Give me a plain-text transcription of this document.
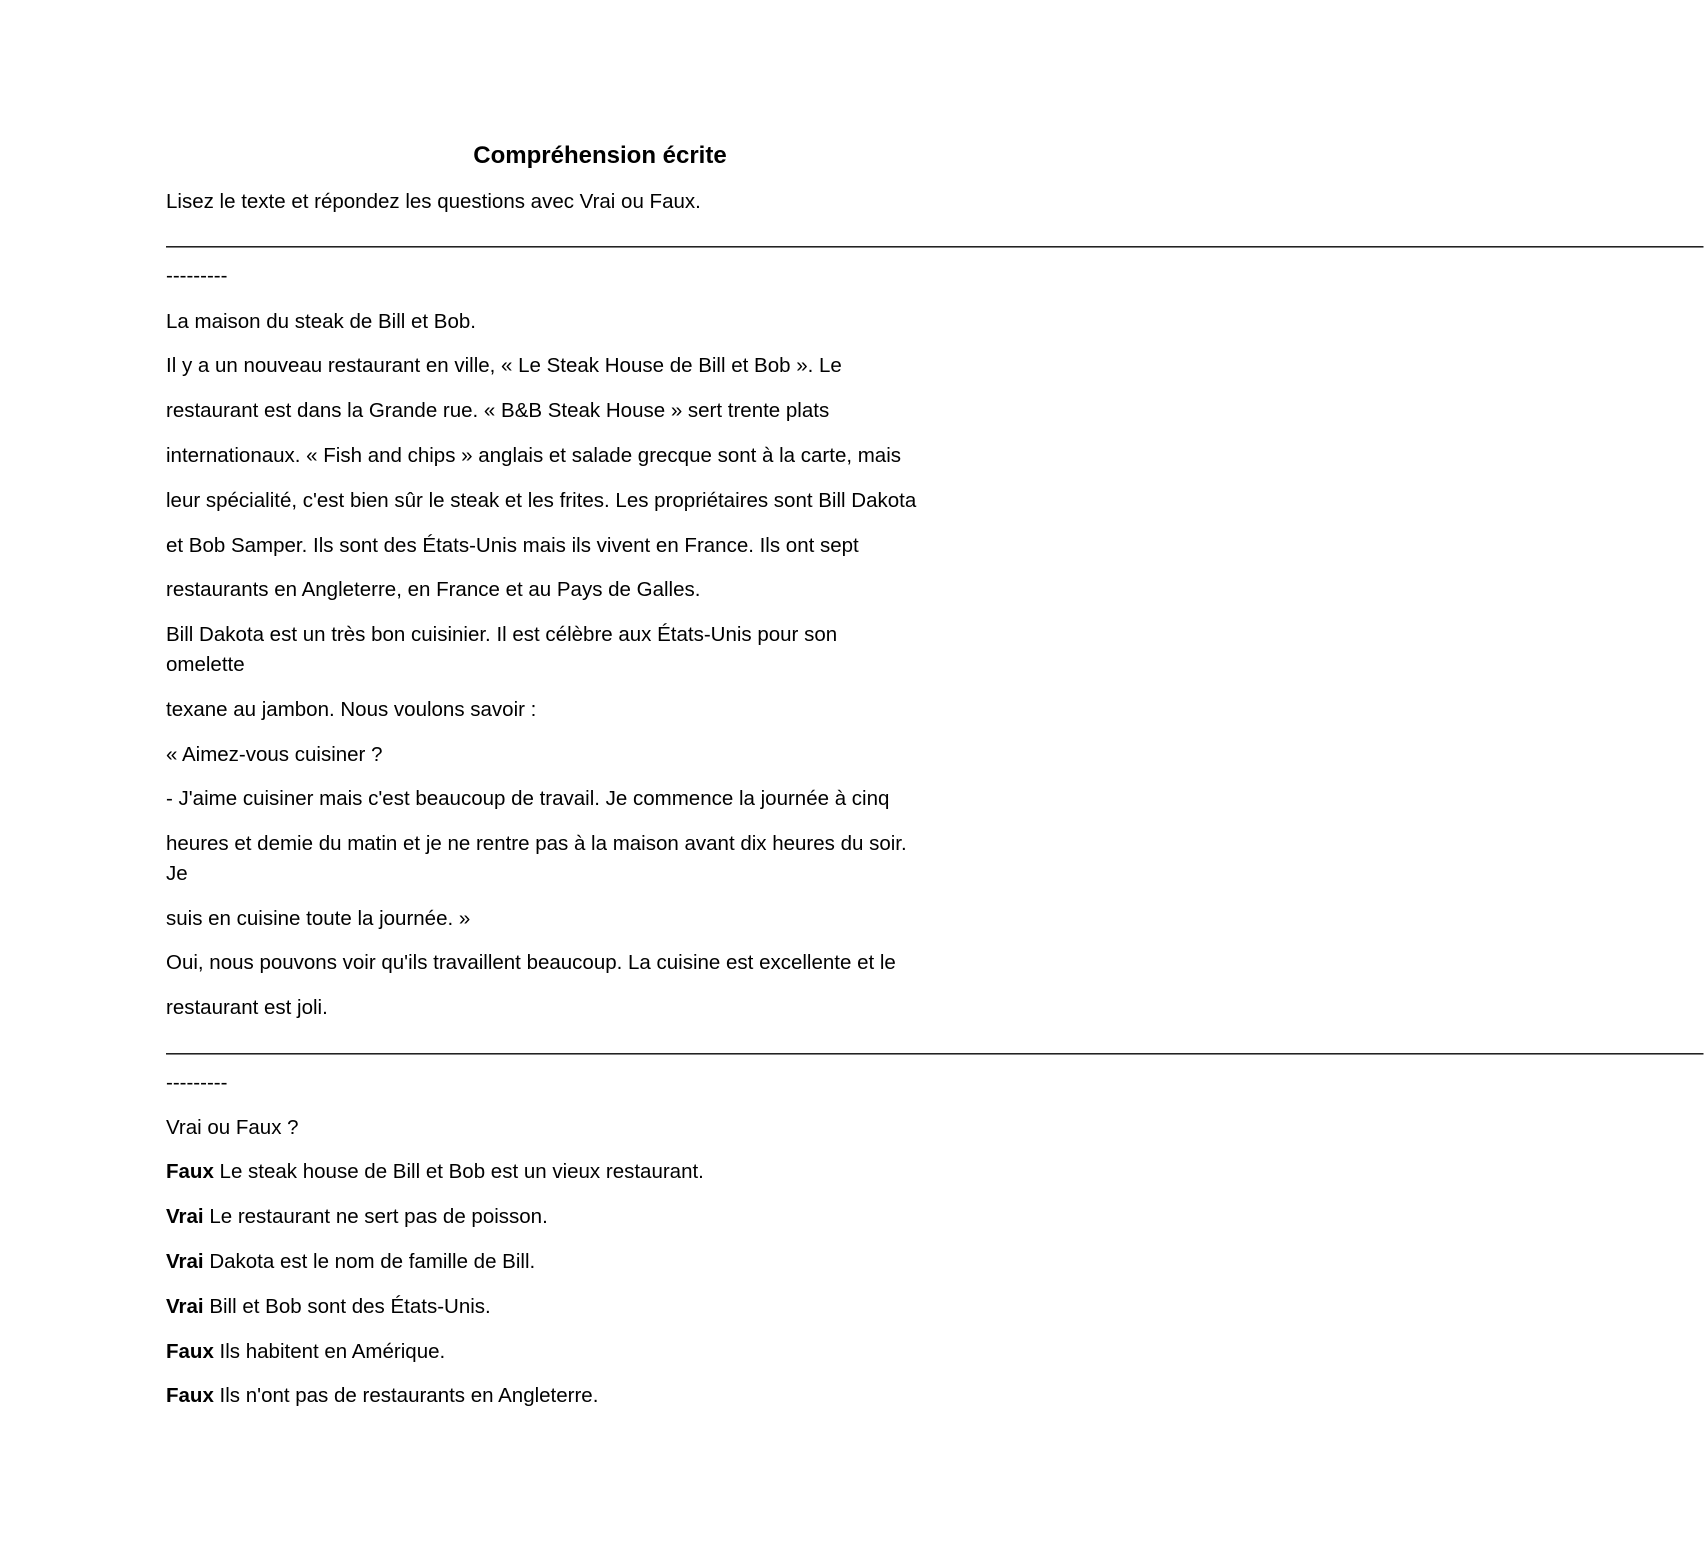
Compréhension écrite

Lisez le texte et répondez les questions avec Vrai ou Faux.

———————————————————————————————————————————————————————————————————————————

---------

La maison du steak de Bill et Bob.

Il y a un nouveau restaurant en ville, « Le Steak House de Bill et Bob ». Le

restaurant est dans la Grande rue. « B&B Steak House » sert trente plats

internationaux. « Fish and chips » anglais et salade grecque sont à la carte, mais

leur spécialité, c'est bien sûr le steak et les frites. Les propriétaires sont Bill Dakota

et Bob Samper. Ils sont des États-Unis mais ils vivent en France. Ils ont sept

restaurants en Angleterre, en France et au Pays de Galles.

Bill Dakota est un très bon cuisinier. Il est célèbre aux États-Unis pour son

omelette

texane au jambon. Nous voulons savoir :

« Aimez-vous cuisiner ?

- J'aime cuisiner mais c'est beaucoup de travail. Je commence la journée à cinq

heures et demie du matin et je ne rentre pas à la maison avant dix heures du soir.

Je

suis en cuisine toute la journée. »

Oui, nous pouvons voir qu'ils travaillent beaucoup. La cuisine est excellente et le

restaurant est joli.

———————————————————————————————————————————————————————————————————————————

---------

Vrai ou Faux ?

Faux Le steak house de Bill et Bob est un vieux restaurant.

Vrai Le restaurant ne sert pas de poisson.

Vrai Dakota est le nom de famille de Bill.

Vrai Bill et Bob sont des États-Unis.

Faux Ils habitent en Amérique.

Faux Ils n'ont pas de restaurants en Angleterre.
